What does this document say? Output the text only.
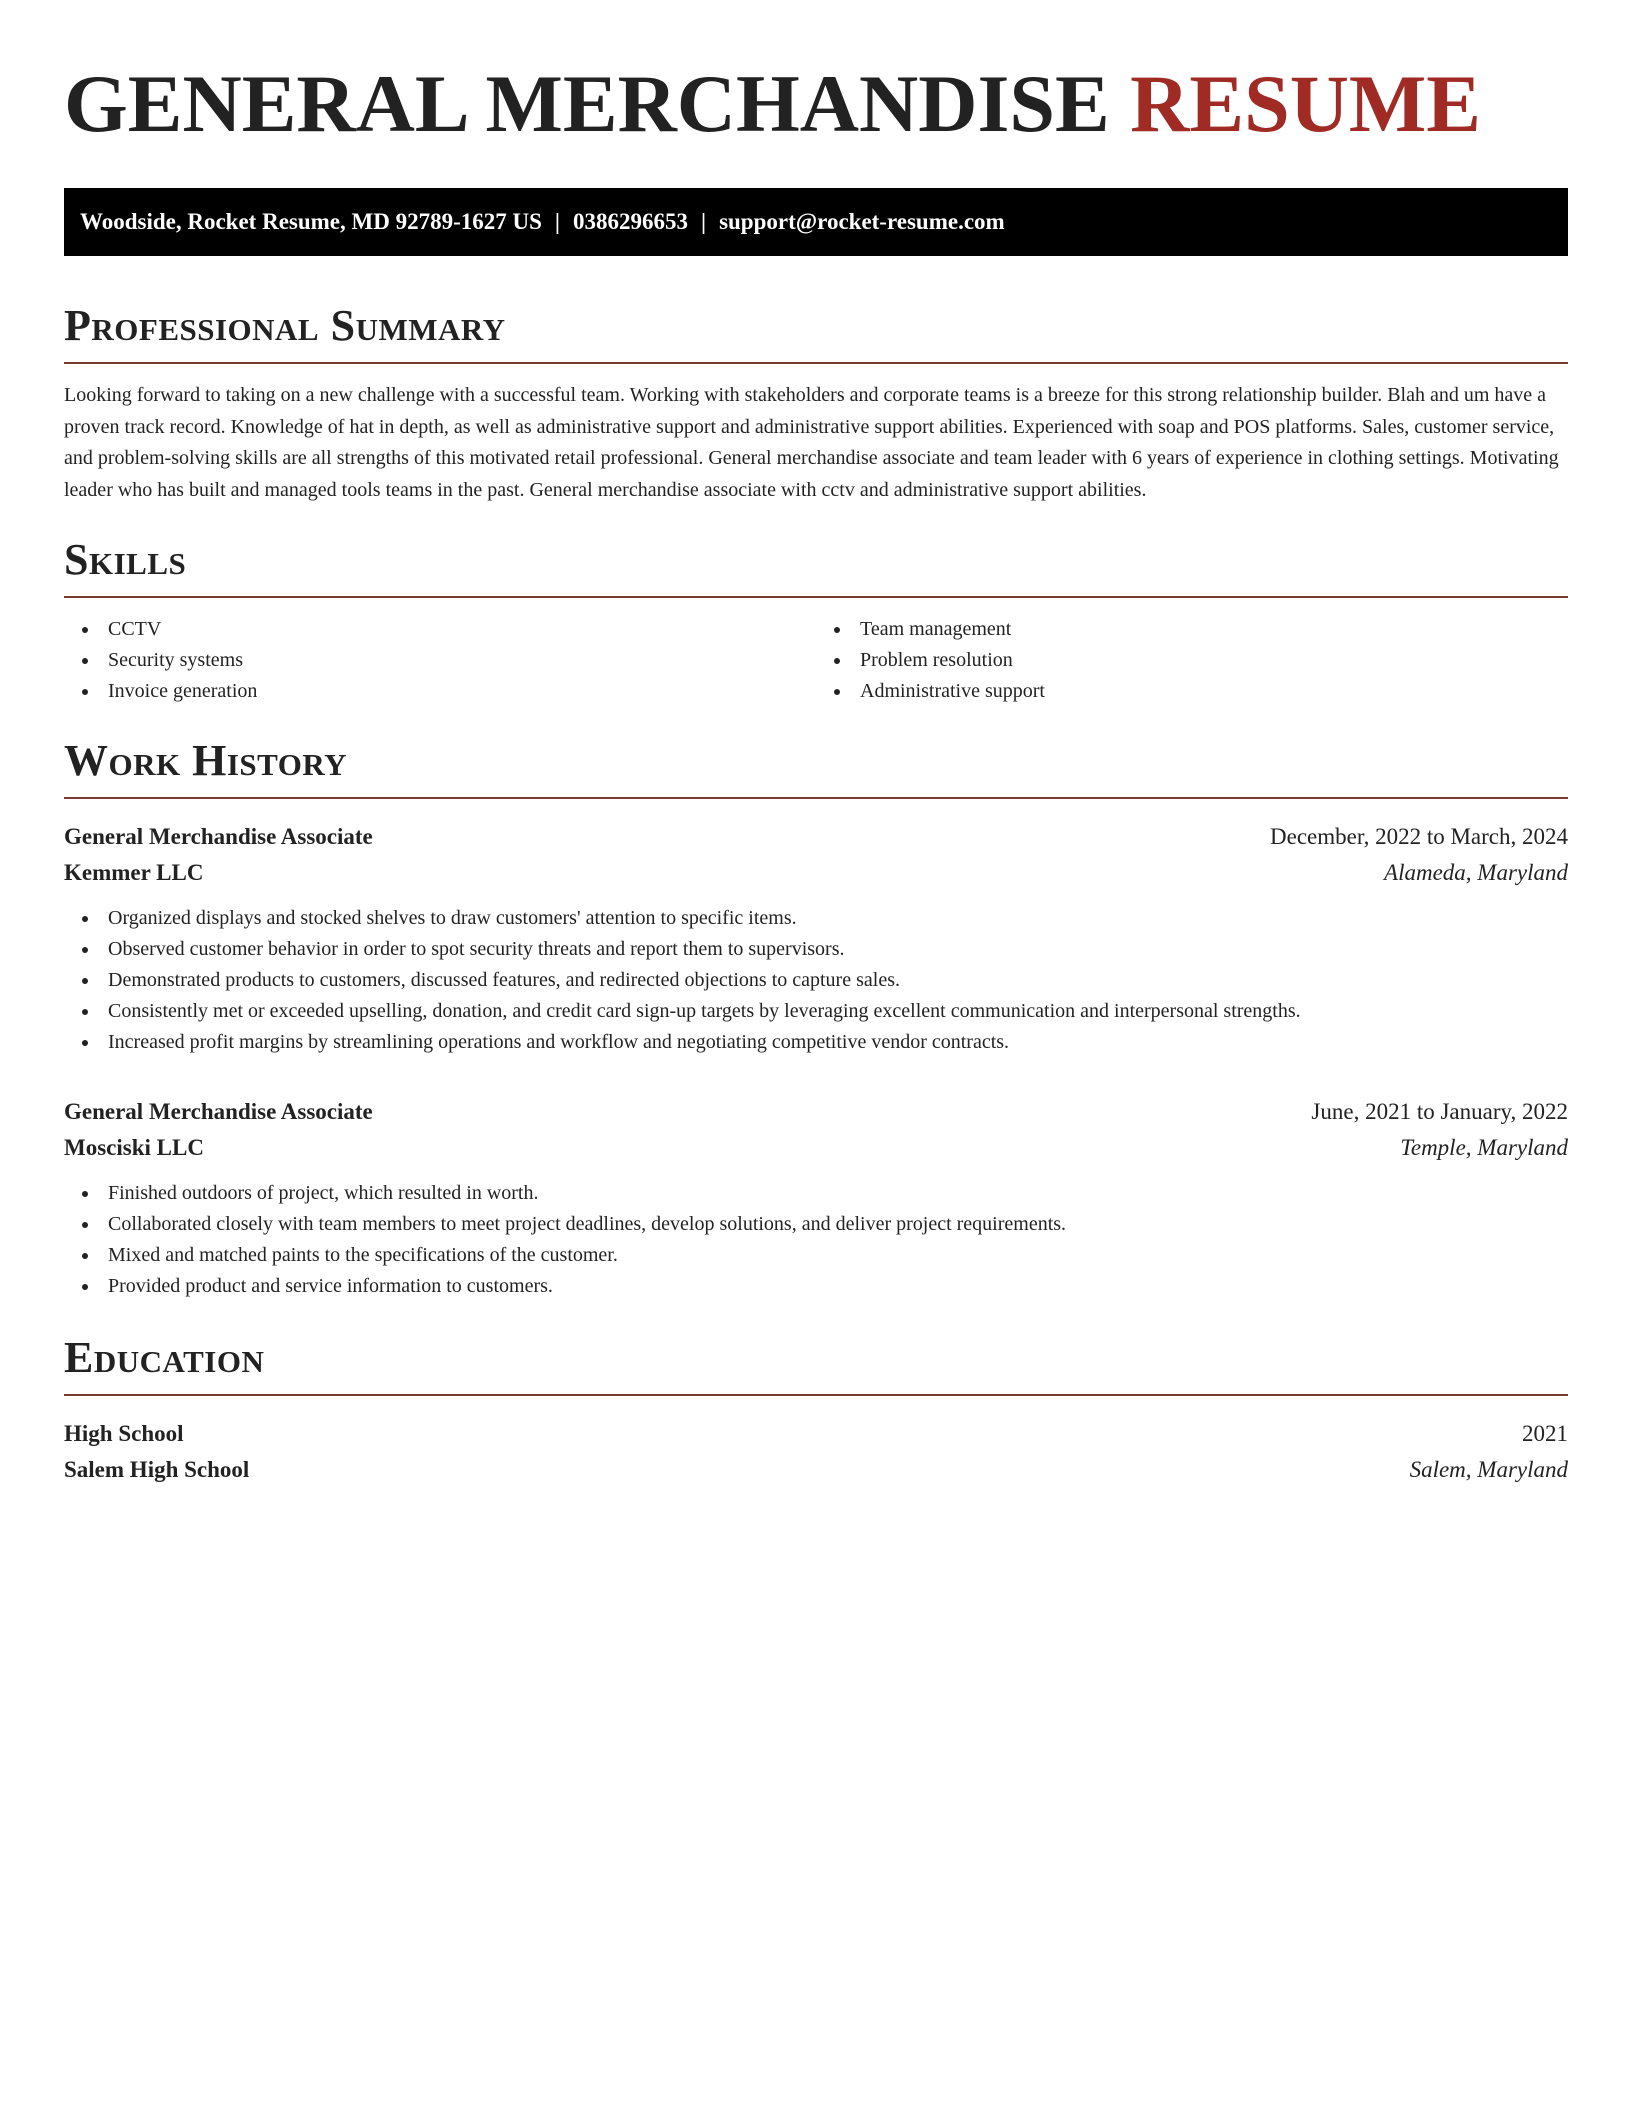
GENERAL MERCHANDISE RESUME
Woodside, Rocket Resume, MD 92789-1627 US | 0386296653 | support@rocket-resume.com
Professional Summary

Looking forward to taking on a new challenge with a successful team. Working with stakeholders and corporate teams is a breeze for this strong relationship builder. Blah and um have a proven track record. Knowledge of hat in depth, as well as administrative support and administrative support abilities. Experienced with soap and POS platforms. Sales, customer service, and problem-solving skills are all strengths of this motivated retail professional. General merchandise associate and team leader with 6 years of experience in clothing settings. Motivating leader who has built and managed tools teams in the past. General merchandise associate with cctv and administrative support abilities.

Skills
CCTV
Security systems
Invoice generation
Team management
Problem resolution
Administrative support
Work History
General Merchandise Associate	December, 2022 to March, 2024
Kemmer LLC	Alameda, Maryland
Organized displays and stocked shelves to draw customers' attention to specific items.
Observed customer behavior in order to spot security threats and report them to supervisors.
Demonstrated products to customers, discussed features, and redirected objections to capture sales.
Consistently met or exceeded upselling, donation, and credit card sign-up targets by leveraging excellent communication and interpersonal strengths.
Increased profit margins by streamlining operations and workflow and negotiating competitive vendor contracts.
General Merchandise Associate	June, 2021 to January, 2022
Mosciski LLC	Temple, Maryland
Finished outdoors of project, which resulted in worth.
Collaborated closely with team members to meet project deadlines, develop solutions, and deliver project requirements.
Mixed and matched paints to the specifications of the customer.
Provided product and service information to customers.
Education
High School	2021
Salem High School	Salem, Maryland
